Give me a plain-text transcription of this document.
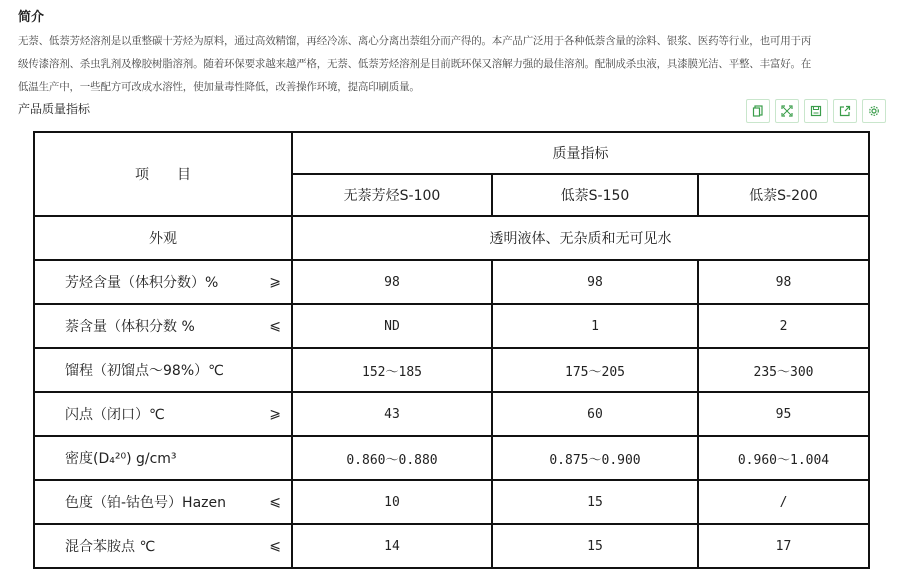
简介
无萘、低萘芳烃溶剂是以重整碳十芳烃为原料，通过高效精馏，再经冷冻、离心分离出萘组分而产得的。本产品广泛用于各种低萘含量的涂料、银浆、医药等行业，也可用于丙
级传漆溶剂、杀虫乳剂及橡胶树脂溶剂。随着环保要求越来越严格，无萘、低萘芳烃溶剂是目前既环保又溶解力强的最佳溶剂。配制成杀虫液，具漆膜光洁、平整、丰富好。在
低温生产中，一些配方可改成水溶性，使加量毒性降低，改善操作环境，提高印刷质量。
产品质量指标
项　　目	质量指标		
	无萘芳烃S-100	低萘S-150	低萘S-200
外观	透明液体、无杂质和无可见水		

芳烃含量（体积分数）% ⩾	98	98	98

萘含量（体积分数 % ⩽	ND	1	2

馏程（初馏点～98%）℃	152～185	175～205	235～300

闪点（闭口）℃ ⩾	43	60	95

密度(D₄²⁰) g/cm³	0.860～0.880	0.875～0.900	0.960～1.004

色度（铂-钴色号）Hazen ⩽	10	15	/

混合苯胺点 ℃ ⩽	14	15	17
